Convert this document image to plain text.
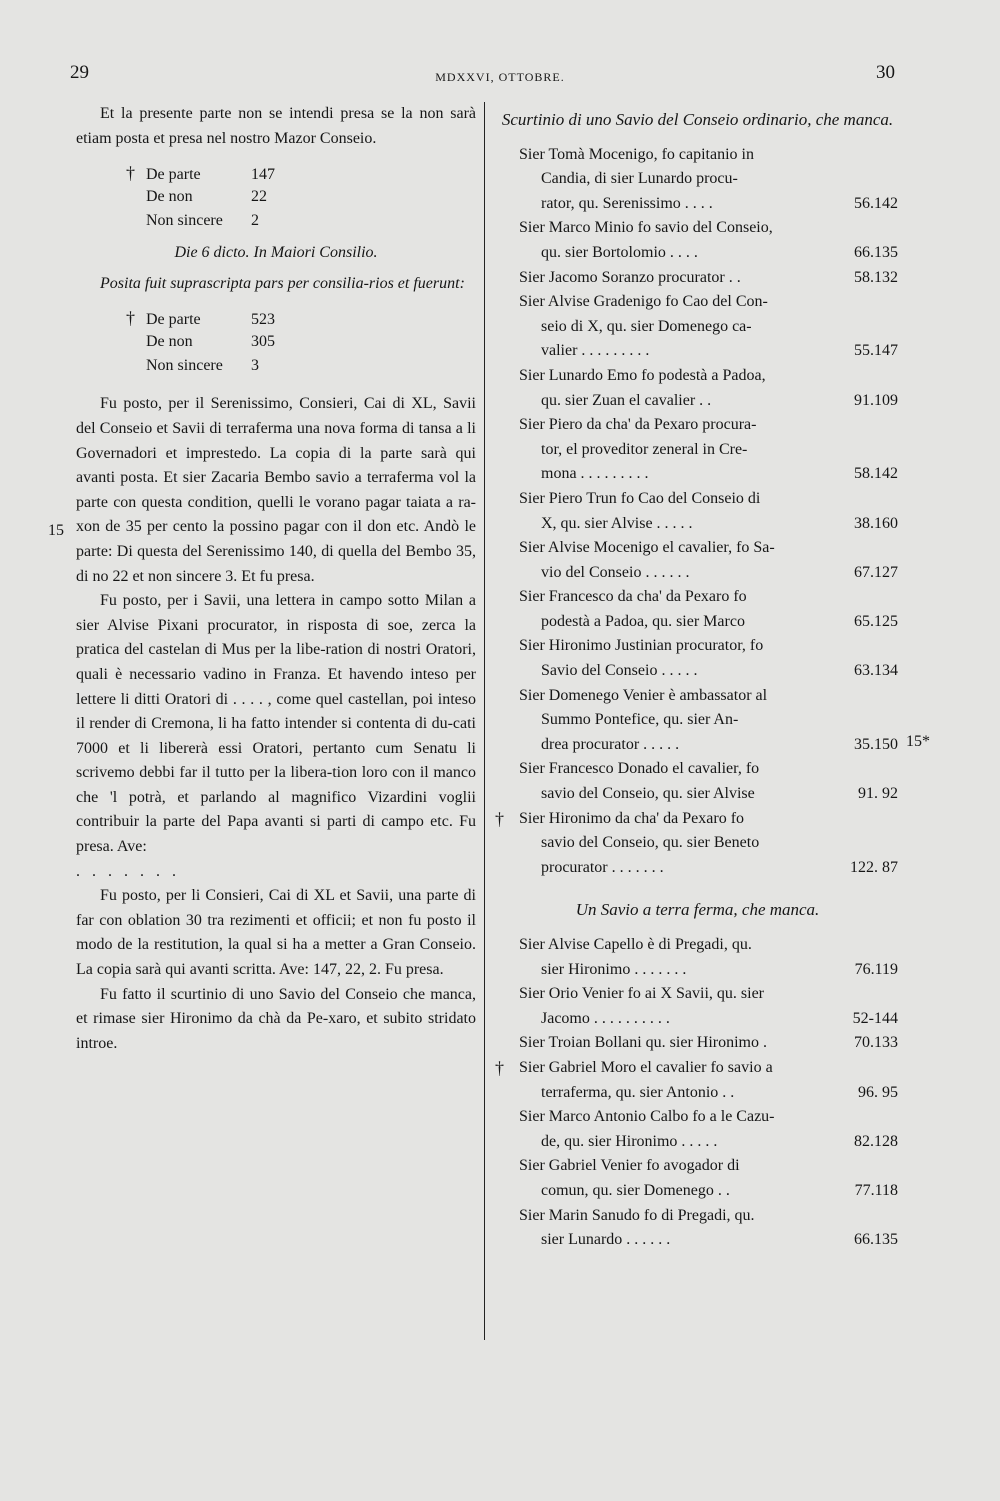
29	MDXXVI, OTTOBRE.	30
15
15*

Et la presente parte non se intendi presa se la non sarà etiam posta et presa nel nostro Mazor Conseio.

† De parte	147
De non	22
Non sincere	2

Die 6 dicto. In Maiori Consilio.

Posita fuit suprascripta pars per consilia-rios et fuerunt:

† De parte	523
De non	305
Non sincere	3

Fu posto, per il Serenissimo, Consieri, Cai di XL, Savii del Conseio et Savii di terraferma una nova forma di tansa a li Governadori et imprestedo. La copia di la parte sarà qui avanti posta. Et sier Zacaria Bembo savio a terraferma vol la parte con questa condition, quelli le vorano pagar taiata a ra-xon de 35 per cento la possino pagar con il don etc. Andò le parte: Di questa del Serenissimo 140, di quella del Bembo 35, di no 22 et non sincere 3. Et fu presa.

Fu posto, per i Savii, una lettera in campo sotto Milan a sier Alvise Pixani procurator, in risposta di soe, zerca la pratica del castelan di Mus per la libe-ration di nostri Oratori, quali è necessario vadino in Franza. Et havendo inteso per lettere li ditti Oratori di . . . . , come quel castellan, poi inteso il render di Cremona, li ha fatto intender si contenta di du-cati 7000 et li libererà essi Oratori, pertanto cum Senatu li scrivemo debbi far il tutto per la libera-tion loro con il manco che 'l potrà, et parlando al magnifico Vizardini voglii contribuir la parte del Papa avanti si parti di campo etc. Fu presa. Ave:

. . . . . . .

Fu posto, per li Consieri, Cai di XL et Savii, una parte di far con oblation 30 tra rezimenti et officii; et non fu posto il modo de la restitution, la qual si ha a metter a Gran Conseio. La copia sarà qui avanti scritta. Ave: 147, 22, 2. Fu presa.

Fu fatto il scurtinio di uno Savio del Conseio che manca, et rimase sier Hironimo da chà da Pe-xaro, et subito stridato introe.

Scurtinio di uno Savio del Conseio ordinario, che manca.
Sier Tomà Mocenigo, fo capitanio in
Candia, di sier Lunardo procu-
rator, qu. Serenissimo . . . .	56.142
Sier Marco Minio fo savio del Conseio,
qu. sier Bortolomio . . . .	66.135
Sier Jacomo Soranzo procurator . .	58.132
Sier Alvise Gradenigo fo Cao del Con-
seio di X, qu. sier Domenego ca-
valier . . . . . . . . .	55.147
Sier Lunardo Emo fo podestà a Padoa,
qu. sier Zuan el cavalier . .	91.109
Sier Piero da cha' da Pexaro procura-
tor, el proveditor zeneral in Cre-
mona . . . . . . . . .	58.142
Sier Piero Trun fo Cao del Conseio di
X, qu. sier Alvise . . . . .	38.160
Sier Alvise Mocenigo el cavalier, fo Sa-
vio del Conseio . . . . . .	67.127
Sier Francesco da cha' da Pexaro fo
podestà a Padoa, qu. sier Marco	65.125
Sier Hironimo Justinian procurator, fo
Savio del Conseio . . . . .	63.134
Sier Domenego Venier è ambassator al
Summo Pontefice, qu. sier An-
drea procurator . . . . .	35.150
Sier Francesco Donado el cavalier, fo
savio del Conseio, qu. sier Alvise	91. 92
† Sier Hironimo da cha' da Pexaro fo
savio del Conseio, qu. sier Beneto
procurator . . . . . . .	122. 87
Un Savio a terra ferma, che manca.
Sier Alvise Capello è di Pregadi, qu.
sier Hironimo . . . . . . .	76.119
Sier Orio Venier fo ai X Savii, qu. sier
Jacomo . . . . . . . . . .	52-144
Sier Troian Bollani qu. sier Hironimo .	70.133
† Sier Gabriel Moro el cavalier fo savio a
terraferma, qu. sier Antonio . .	96. 95
Sier Marco Antonio Calbo fo a le Cazu-
de, qu. sier Hironimo . . . . .	82.128
Sier Gabriel Venier fo avogador di
comun, qu. sier Domenego . .	77.118
Sier Marin Sanudo fo di Pregadi, qu.
sier Lunardo . . . . . .	66.135
